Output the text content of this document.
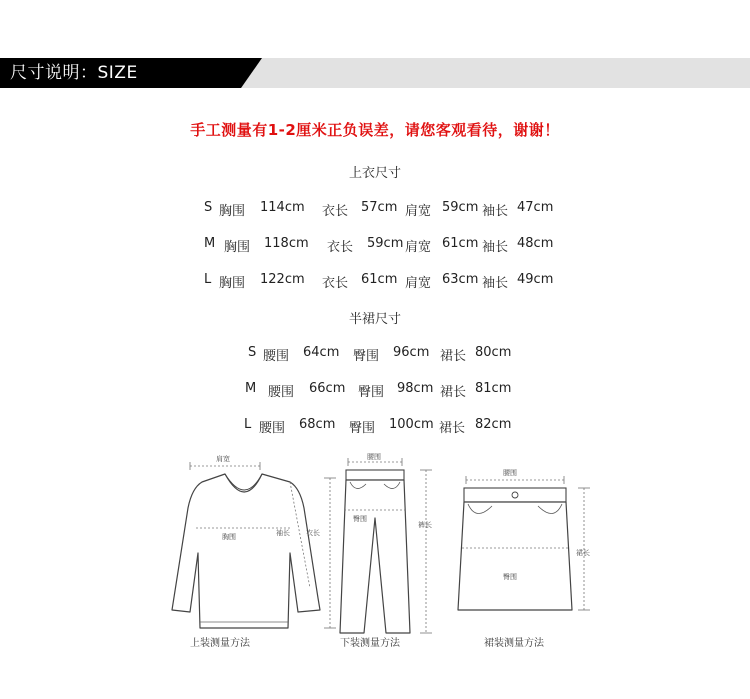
尺寸说明：SIZE
手工测量有1-2厘米正负误差，请您客观看待，谢谢！
上衣尺寸
S 胸围 114cm 衣长 57cm 肩宽 59cm 袖长 47cm
M 胸围 118cm 衣长 59cm 肩宽 61cm 袖长 48cm
L 胸围 122cm 衣长 61cm 肩宽 63cm 袖长 49cm
半裙尺寸
S 腰围 64cm 臀围 96cm 裙长 80cm
M 腰围 66cm 臀围 98cm 裙长 81cm
L 腰围 68cm 臀围 100cm 裙长 82cm
肩宽
胸围	袖长 衣长
上装测量方法
腰围
臀围
裤长
下装测量方法
腰围
臀围
裙长
裙装测量方法
